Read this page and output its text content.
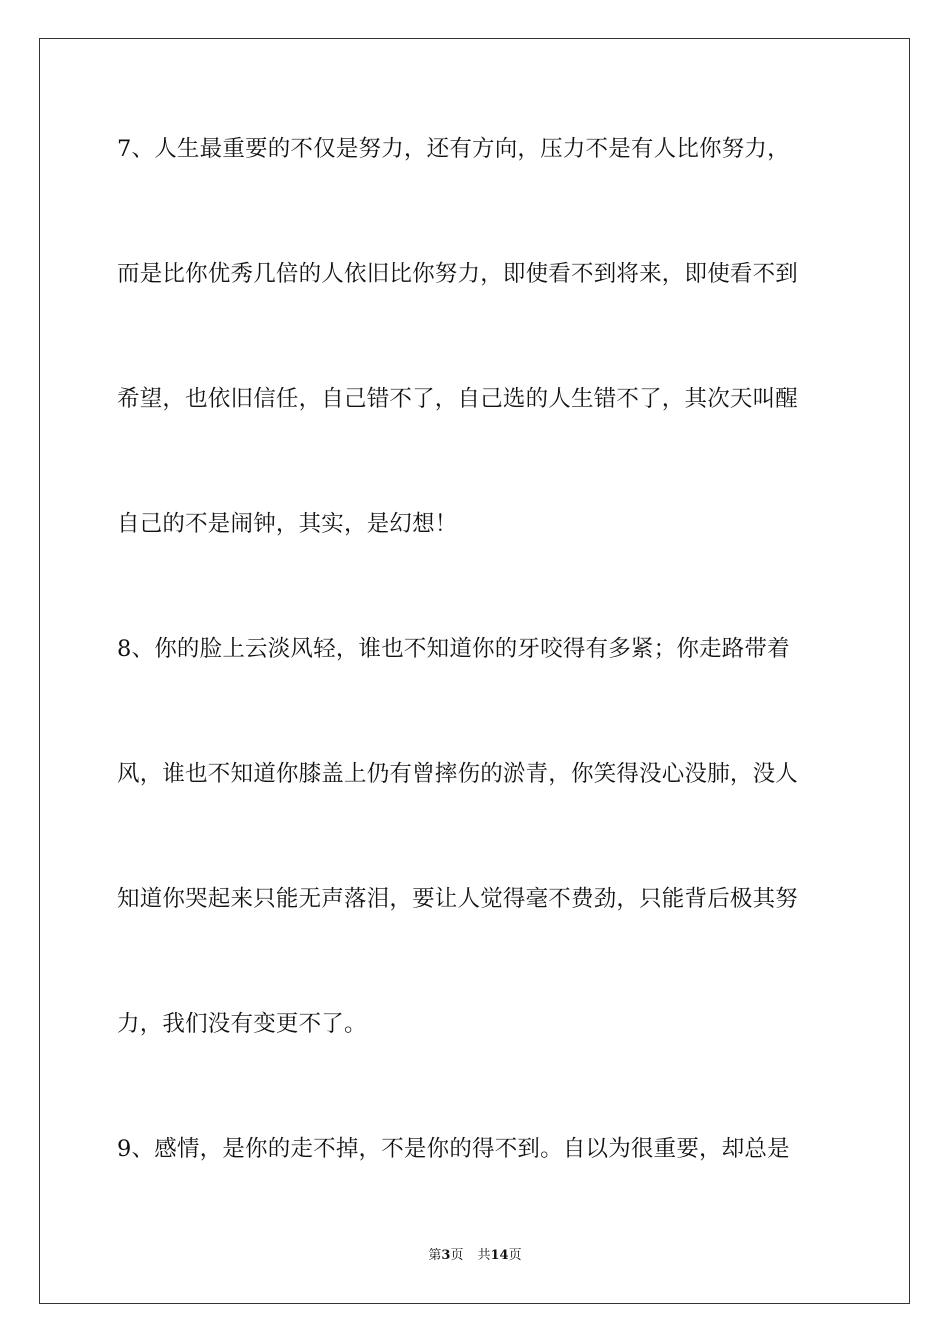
7、人生最重要的不仅是努力，还有方向，压力不是有人比你努力，
而是比你优秀几倍的人依旧比你努力，即使看不到将来，即使看不到
希望，也依旧信任，自己错不了，自己选的人生错不了，其次天叫醒
自己的不是闹钟，其实，是幻想！
8、你的脸上云淡风轻，谁也不知道你的牙咬得有多紧；你走路带着
风，谁也不知道你膝盖上仍有曾摔伤的淤青，你笑得没心没肺，没人
知道你哭起来只能无声落泪，要让人觉得毫不费劲，只能背后极其努
力，我们没有变更不了。
9、感情，是你的走不掉，不是你的得不到。自以为很重要，却总是
第3页 共14页
